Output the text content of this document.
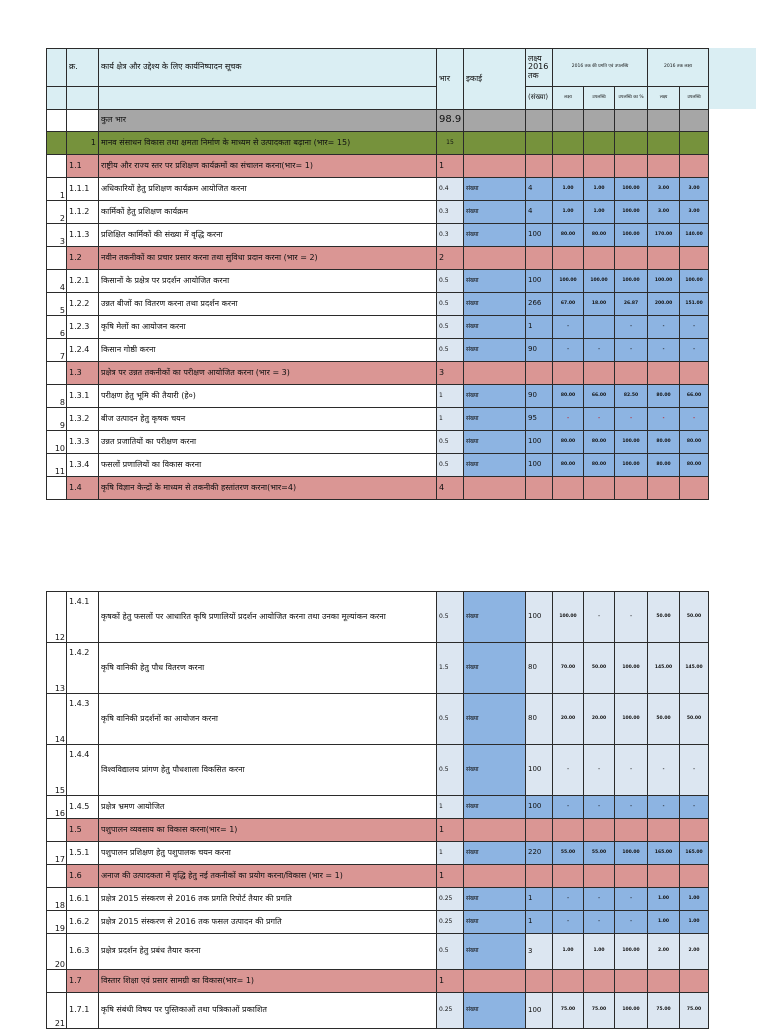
	क्र.	कार्य क्षेत्र और उद्देश्य के लिए कार्यनिष्पादन सूचक	भार	इकाई	लक्ष्य 2016 तक	2016 तक की प्रगति एवं उपलब्धि			2016 तक लक्ष्य	
					(संख्या)	लक्ष्य	उपलब्धि	उपलब्धि का %	लक्ष्य	उपलब्धि
		कुल भार	98.9							
	1	मानव संसाधन विकास तथा क्षमता निर्माण के माध्यम से उत्पादकता बढ़ाना (भार= 15)	15							
	1.1	राष्ट्रीय और राज्य स्तर पर प्रशिक्षण कार्यक्रमों का संचालन करना(भार= 1)	1							
1	1.1.1	अधिकारियों हेतु प्रशिक्षण कार्यक्रम आयोजित करना	0.4	संख्या	4	1.00	1.00	100.00	3.00	3.00
2	1.1.2	कार्मिकों हेतु प्रशिक्षण कार्यक्रम	0.3	संख्या	4	1.00	1.00	100.00	3.00	3.00
3	1.1.3	प्रशिक्षित कार्मिकों की संख्या में वृद्धि करना	0.3	संख्या	100	80.00	80.00	100.00	170.00	140.00
	1.2	नवीन तकनीकों का प्रचार प्रसार करना तथा सुविधा प्रदान करना (भार = 2)	2							
4	1.2.1	किसानों के प्रक्षेत्र पर प्रदर्शन आयोजित करना	0.5	संख्या	100	100.00	100.00	100.00	100.00	100.00
5	1.2.2	उन्नत बीजों का वितरण करना तथा प्रदर्शन करना	0.5	संख्या	266	67.00	18.00	26.87	200.00	151.00
6	1.2.3	कृषि मेलों का आयोजन करना	0.5	संख्या	1	-		-	-	-
7	1.2.4	किसान गोष्ठी करना	0.5	संख्या	90	-	-	-	-	-
	1.3	प्रक्षेत्र पर उन्नत तकनीकों का परीक्षण आयोजित करना (भार = 3)	3							
8	1.3.1	परीक्षण हेतु भूमि की तैयारी (हे०)	1	संख्या	90	80.00	66.00	82.50	80.00	66.00
9	1.3.2	बीज उत्पादन हेतु कृषक चयन	1	संख्या	95	-	-	-	-	-
10	1.3.3	उन्नत प्रजातियों का परीक्षण करना	0.5	संख्या	100	80.00	80.00	100.00	80.00	80.00
11	1.3.4	फसलों प्रणालियों का विकास करना	0.5	संख्या	100	80.00	80.00	100.00	80.00	80.00
	1.4	कृषि विज्ञान केन्द्रों के माध्यम से तकनीकी हस्तांतरण करना(भार=4)	4							
12	1.4.1	कृषकों हेतु फसलों पर आधारित कृषि प्रणालियों प्रदर्शन आयोजित करना तथा उनका मूल्यांकन करना	0.5	संख्या	100	100.00	-	-	50.00	50.00
13	1.4.2	कृषि वानिकी हेतु पौध वितरण करना	1.5	संख्या	80	70.00	50.00	100.00	145.00	145.00
14	1.4.3	कृषि वानिकी प्रदर्शनों का आयोजन करना	0.5	संख्या	80	20.00	20.00	100.00	50.00	50.00
15	1.4.4	विश्वविद्यालय प्रांगण हेतु पौधशाला विकसित करना	0.5	संख्या	100	-	-	-	-	-
16	1.4.5	प्रक्षेत्र भ्रमण आयोजित	1	संख्या	100	-	-	-	-	-
	1.5	पशुपालन व्यवसाय का विकास करना(भार= 1)	1							
17	1.5.1	पशुपालन प्रशिक्षण हेतु पशुपालक चयन करना	1	संख्या	220	55.00	55.00	100.00	165.00	165.00
	1.6	अनाज की उत्पादकता में वृद्धि हेतु नई तकनीकों का प्रयोग करना/विकास (भार = 1)	1							
18	1.6.1	प्रक्षेत्र 2015 संस्करण से 2016 तक प्रगति रिपोर्ट तैयार की प्रगति	0.25	संख्या	1	-	-	-	1.00	1.00
19	1.6.2	प्रक्षेत्र 2015 संस्करण से 2016 तक फसल उत्पादन की प्रगति	0.25	संख्या	1	-	-	-	1.00	1.00
20	1.6.3	प्रक्षेत्र प्रदर्शन हेतु प्रबंध तैयार करना	0.5	संख्या	3	1.00	1.00	100.00	2.00	2.00
	1.7	विस्तार शिक्षा एवं प्रसार सामग्री का विकास(भार= 1)	1							
21	1.7.1	कृषि संबंधी विषय पर पुस्तिकाओं तथा पत्रिकाओं प्रकाशित	0.25	संख्या	100	75.00	75.00	100.00	75.00	75.00
